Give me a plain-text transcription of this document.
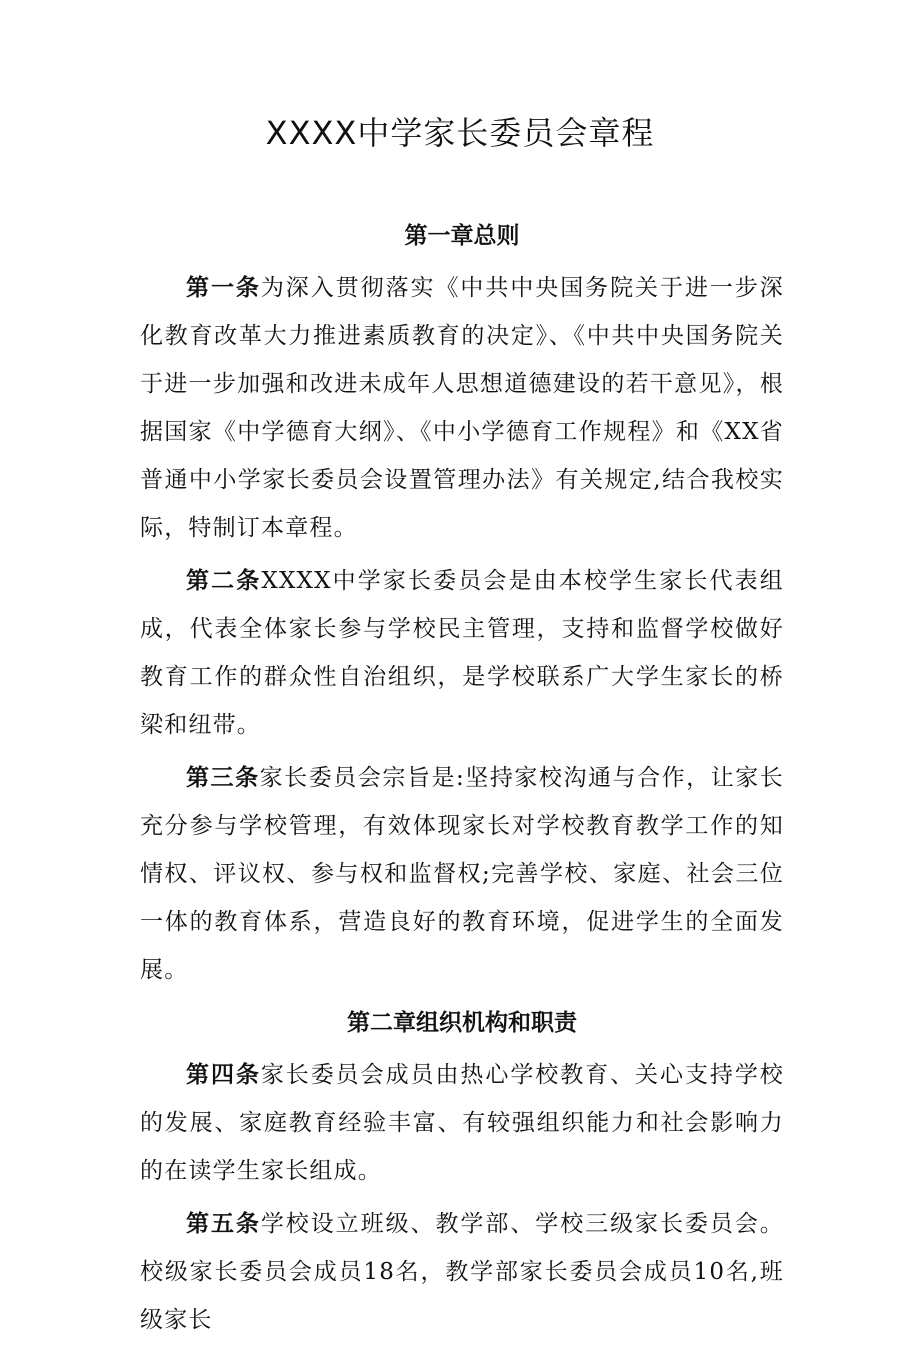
XXXX中学家长委员会章程
第一章总则

第一条为深入贯彻落实《中共中央国务院关于进一步深化教育改革大力推进素质教育的决定》、《中共中央国务院关于进一步加强和改进未成年人思想道德建设的若干意见》，根据国家《中学德育大纲》、《中小学德育工作规程》和《XX省普通中小学家长委员会设置管理办法》有关规定,结合我校实际，特制订本章程。

第二条XXXX中学家长委员会是由本校学生家长代表组成，代表全体家长参与学校民主管理，支持和监督学校做好教育工作的群众性自治组织，是学校联系广大学生家长的桥梁和纽带。

第三条家长委员会宗旨是:坚持家校沟通与合作，让家长充分参与学校管理，有效体现家长对学校教育教学工作的知情权、评议权、参与权和监督权;完善学校、家庭、社会三位一体的教育体系，营造良好的教育环境，促进学生的全面发展。

第二章组织机构和职责

第四条家长委员会成员由热心学校教育、关心支持学校的发展、家庭教育经验丰富、有较强组织能力和社会影响力的在读学生家长组成。

第五条学校设立班级、教学部、学校三级家长委员会。校级家长委员会成员18名，教学部家长委员会成员10名,班级家长
